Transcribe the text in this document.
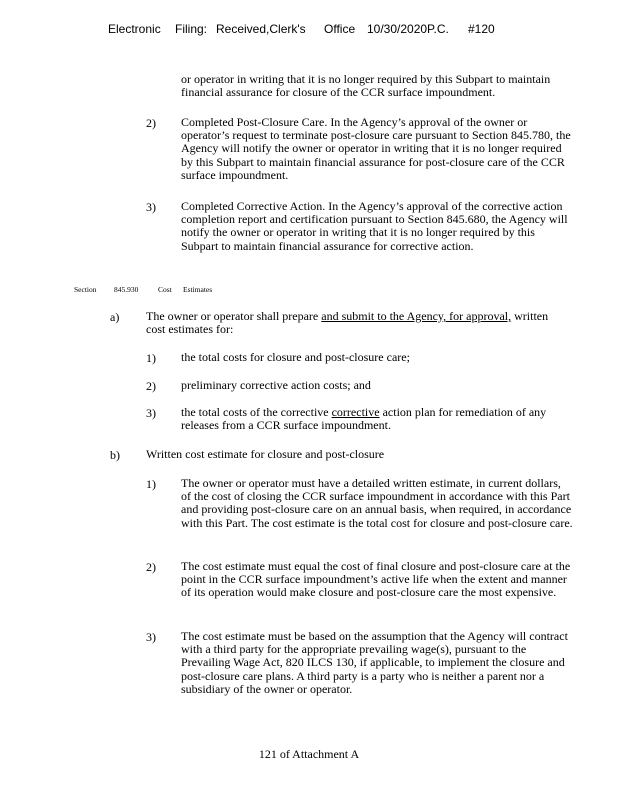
Electronic Filing: Received,Clerk's Office 10/30/2020P.C. #120
or operator in writing that it is no longer required by this Subpart to maintain financial assurance for closure of the CCR surface impoundment.
2) Completed Post-Closure Care. In the Agency’s approval of the owner or operator’s request to terminate post-closure care pursuant to Section 845.780, the Agency will notify the owner or operator in writing that it is no longer required by this Subpart to maintain financial assurance for post-closure care of the CCR surface impoundment.
3) Completed Corrective Action. In the Agency’s approval of the corrective action completion report and certification pursuant to Section 845.680, the Agency will notify the owner or operator in writing that it is no longer required by this Subpart to maintain financial assurance for corrective action.
Section 845.930	Cost Estimates
a) The owner or operator shall prepare and submit to the Agency, for approval, written cost estimates for:
1) the total costs for closure and post-closure care;
2) preliminary corrective action costs; and
3) the total costs of the corrective corrective action plan for remediation of any releases from a CCR surface impoundment.
b) Written cost estimate for closure and post-closure
1) The owner or operator must have a detailed written estimate, in current dollars, of the cost of closing the CCR surface impoundment in accordance with this Part and providing post-closure care on an annual basis, when required, in accordance with this Part. The cost estimate is the total cost for closure and post-closure care.
2) The cost estimate must equal the cost of final closure and post-closure care at the point in the CCR surface impoundment’s active life when the extent and manner of its operation would make closure and post-closure care the most expensive.
3) The cost estimate must be based on the assumption that the Agency will contract with a third party for the appropriate prevailing wage(s), pursuant to the Prevailing Wage Act, 820 ILCS 130, if applicable, to implement the closure and post-closure care plans. A third party is a party who is neither a parent nor a subsidiary of the owner or operator.
121 of Attachment A
